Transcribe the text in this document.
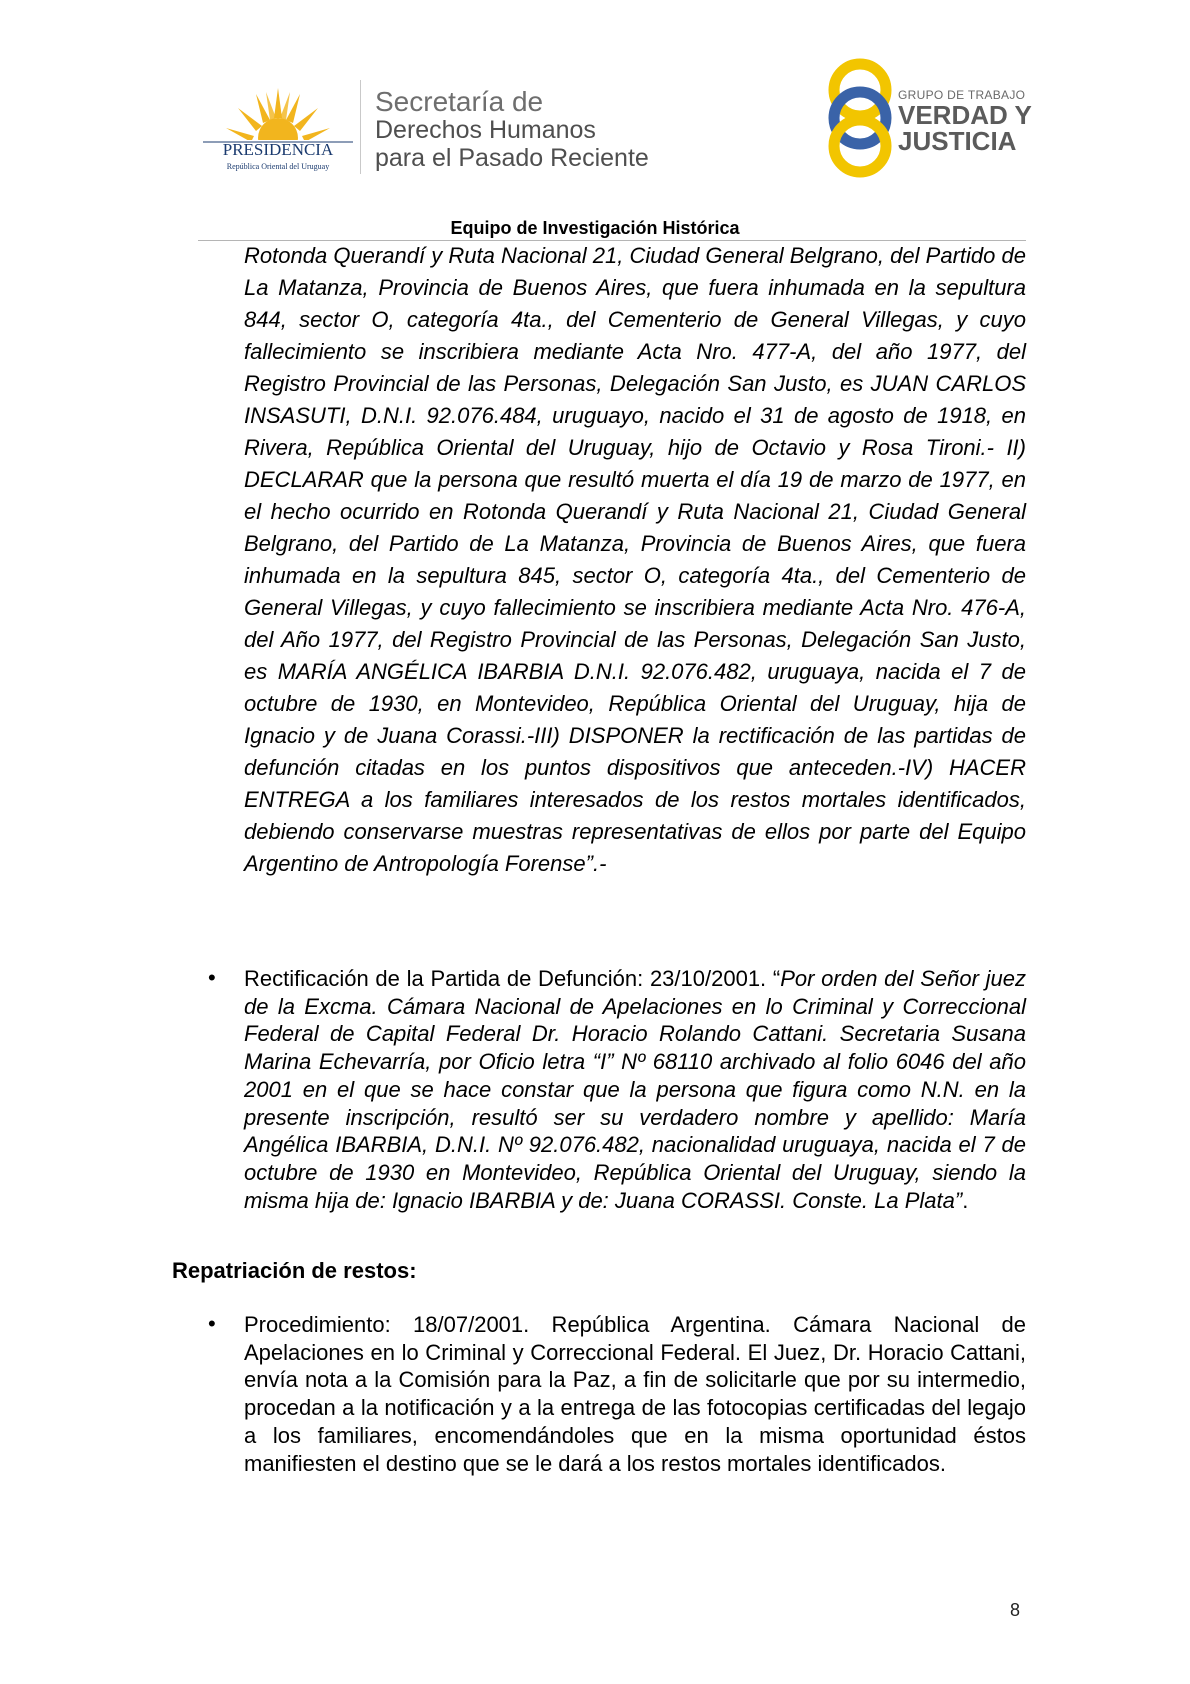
PRESIDENCIA
República Oriental del Uruguay
Secretaría de
Derechos Humanos
para el Pasado Reciente
GRUPO DE TRABAJO
VERDAD Y
JUSTICIA
Equipo de Investigación Histórica
Rotonda Querandí y Ruta Nacional 21, Ciudad General Belgrano, del Partido de La Matanza, Provincia de Buenos Aires, que fuera inhumada en la sepultura 844, sector O, categoría 4ta., del Cementerio de General Villegas, y cuyo fallecimiento se inscribiera mediante Acta Nro. 477-A, del año 1977, del Registro Provincial de las Personas, Delegación San Justo, es JUAN CARLOS INSASUTI, D.N.I. 92.076.484, uruguayo, nacido el 31 de agosto de 1918, en Rivera, República Oriental del Uruguay, hijo de Octavio y Rosa Tironi.- II) DECLARAR que la persona que resultó muerta el día 19 de marzo de 1977, en el hecho ocurrido en Rotonda Querandí y Ruta Nacional 21, Ciudad General Belgrano, del Partido de La Matanza, Provincia de Buenos Aires, que fuera inhumada en la sepultura 845, sector O, categoría 4ta., del Cementerio de General Villegas, y cuyo fallecimiento se inscribiera mediante Acta Nro. 476-A, del Año 1977, del Registro Provincial de las Personas, Delegación San Justo, es MARÍA ANGÉLICA IBARBIA D.N.I. 92.076.482, uruguaya, nacida el 7 de octubre de 1930, en Montevideo, República Oriental del Uruguay, hija de Ignacio y de Juana Corassi.-III) DISPONER la rectificación de las partidas de defunción citadas en los puntos dispositivos que anteceden.-IV) HACER ENTREGA a los familiares interesados de los restos mortales identificados, debiendo conservarse muestras representativas de ellos por parte del Equipo Argentino de Antropología Forense”.-
• Rectificación de la Partida de Defunción: 23/10/2001. “Por orden del Señor juez de la Excma. Cámara Nacional de Apelaciones en lo Criminal y Correccional Federal de Capital Federal Dr. Horacio Rolando Cattani. Secretaria Susana Marina Echevarría, por Oficio letra “I” Nº 68110 archivado al folio 6046 del año 2001 en el que se hace constar que la persona que figura como N.N. en la presente inscripción, resultó ser su verdadero nombre y apellido: María Angélica IBARBIA, D.N.I. Nº 92.076.482, nacionalidad uruguaya, nacida el 7 de octubre de 1930 en Montevideo, República Oriental del Uruguay, siendo la misma hija de: Ignacio IBARBIA y de: Juana CORASSI. Conste. La Plata”.
Repatriación de restos:
• Procedimiento: 18/07/2001. República Argentina. Cámara Nacional de Apelaciones en lo Criminal y Correccional Federal. El Juez, Dr. Horacio Cattani, envía nota a la Comisión para la Paz, a fin de solicitarle que por su intermedio, procedan a la notificación y a la entrega de las fotocopias certificadas del legajo a los familiares, encomendándoles que en la misma oportunidad éstos manifiesten el destino que se le dará a los restos mortales identificados.
8
